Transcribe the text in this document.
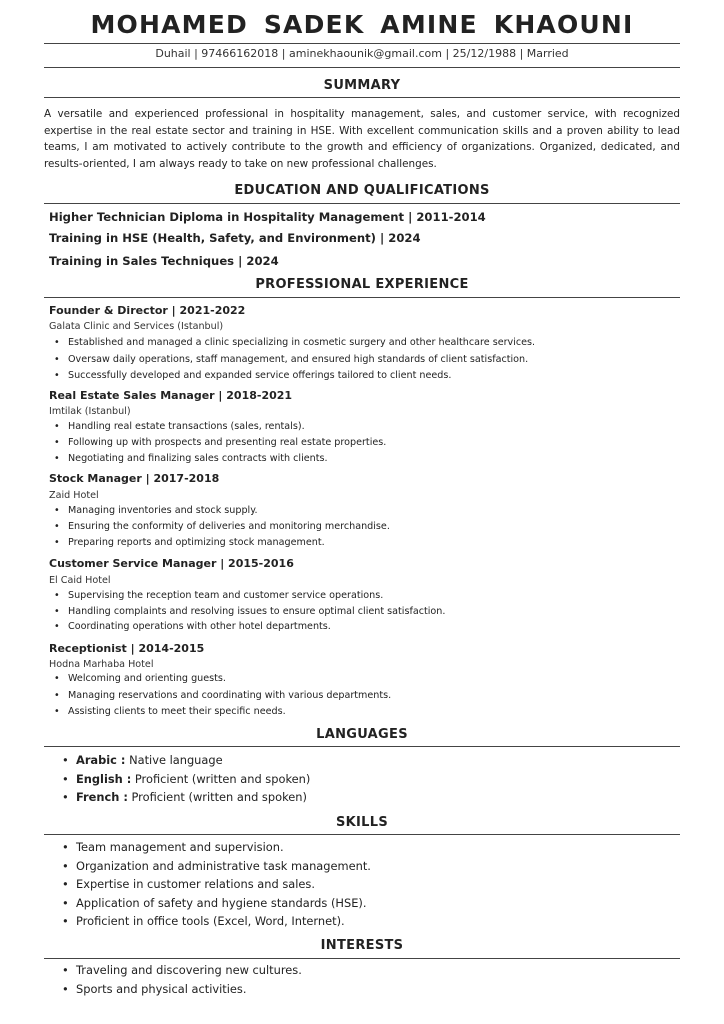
MOHAMED SADEK AMINE KHAOUNI
Duhail | 97466162018 | aminekhaounik@gmail.com | 25/12/1988 | Married
SUMMARY

A versatile and experienced professional in hospitality management, sales, and customer service, with recognized expertise in the real estate sector and training in HSE. With excellent communication skills and a proven ability to lead teams, I am motivated to actively contribute to the growth and efficiency of organizations. Organized, dedicated, and results-oriented, I am always ready to take on new professional challenges.

EDUCATION AND QUALIFICATIONS
Higher Technician Diploma in Hospitality Management | 2011-2014
Training in HSE (Health, Safety, and Environment) | 2024
Training in Sales Techniques | 2024
PROFESSIONAL EXPERIENCE
Founder & Director | 2021-2022
Galata Clinic and Services (Istanbul)
• Established and managed a clinic specializing in cosmetic surgery and other healthcare services.
• Oversaw daily operations, staff management, and ensured high standards of client satisfaction.
• Successfully developed and expanded service offerings tailored to client needs.
Real Estate Sales Manager | 2018-2021
Imtilak (Istanbul)
• Handling real estate transactions (sales, rentals).
• Following up with prospects and presenting real estate properties.
• Negotiating and finalizing sales contracts with clients.
Stock Manager | 2017-2018
Zaid Hotel
• Managing inventories and stock supply.
• Ensuring the conformity of deliveries and monitoring merchandise.
• Preparing reports and optimizing stock management.
Customer Service Manager | 2015-2016
El Caid Hotel
• Supervising the reception team and customer service operations.
• Handling complaints and resolving issues to ensure optimal client satisfaction.
• Coordinating operations with other hotel departments.
Receptionist | 2014-2015
Hodna Marhaba Hotel
• Welcoming and orienting guests.
• Managing reservations and coordinating with various departments.
• Assisting clients to meet their specific needs.
LANGUAGES
• Arabic : Native language
• English : Proficient (written and spoken)
• French : Proficient (written and spoken)
SKILLS
• Team management and supervision.
• Organization and administrative task management.
• Expertise in customer relations and sales.
• Application of safety and hygiene standards (HSE).
• Proficient in office tools (Excel, Word, Internet).
INTERESTS
• Traveling and discovering new cultures.
• Sports and physical activities.
